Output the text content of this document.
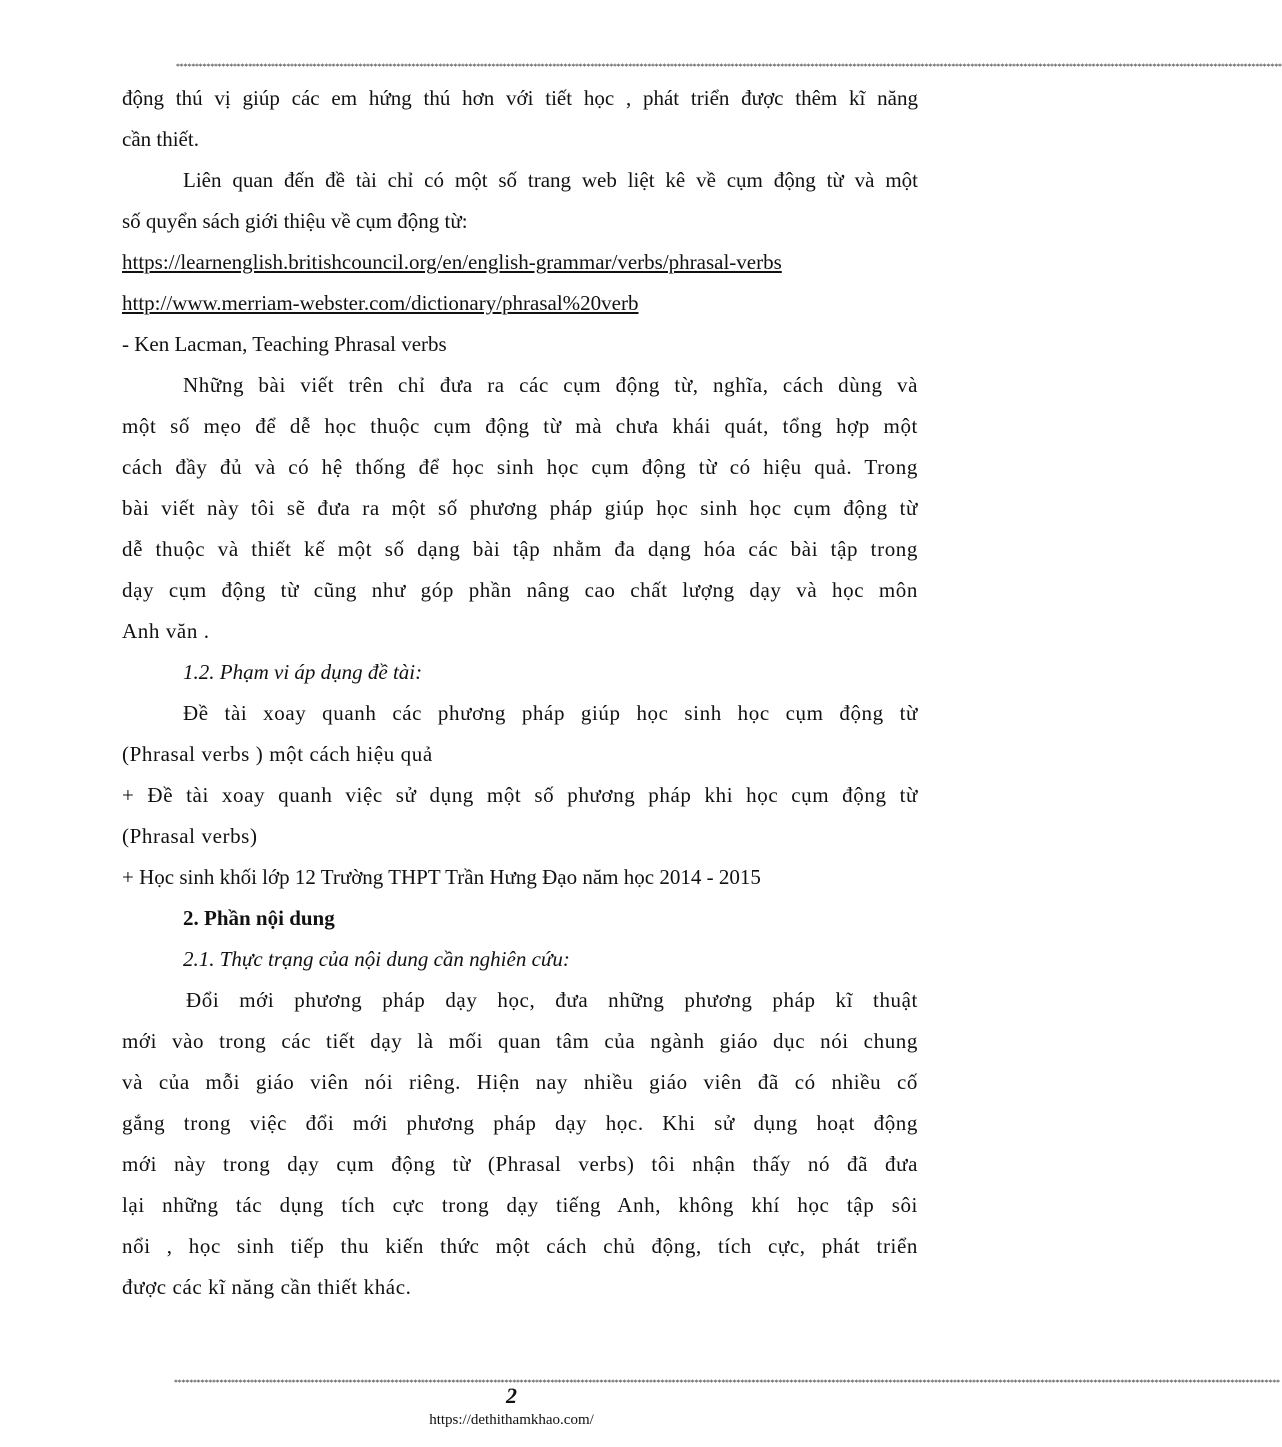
***************************************************************************************************************************************************************************************************************************************************************************************************
động thú vị giúp các em hứng thú hơn với tiết học , phát triển được thêm kĩ năng
cần thiết.
Liên quan đến đề tài chỉ có một số trang web liệt kê về cụm động từ và một
số quyển sách giới thiệu về cụm động từ:
https://learnenglish.britishcouncil.org/en/english-grammar/verbs/phrasal-verbs
http://www.merriam-webster.com/dictionary/phrasal%20verb
- Ken Lacman, Teaching Phrasal verbs
Những bài viết trên chỉ đưa ra các cụm động từ, nghĩa, cách dùng và
một số mẹo để dễ học thuộc cụm động từ mà chưa khái quát, tổng hợp một
cách đầy đủ và có hệ thống để học sinh học cụm động từ có hiệu quả. Trong
bài viết này tôi sẽ đưa ra một số phương pháp giúp học sinh học cụm động từ
dễ thuộc và thiết kế một số dạng bài tập nhằm đa dạng hóa các bài tập trong
dạy cụm động từ cũng như góp phần nâng cao chất lượng dạy và học môn
Anh văn .
1.2. Phạm vi áp dụng đề tài:
Đề tài xoay quanh các phương pháp giúp học sinh học cụm động từ
(Phrasal verbs ) một cách hiệu quả
+ Đề tài xoay quanh việc sử dụng một số phương pháp khi học cụm động từ
(Phrasal verbs)
+ Học sinh khối lớp 12 Trường THPT Trần Hưng Đạo năm học 2014 - 2015
2. Phần nội dung
2.1. Thực trạng của nội dung cần nghiên cứu:
Đổi mới phương pháp dạy học, đưa những phương pháp kĩ thuật
mới vào trong các tiết dạy là mối quan tâm của ngành giáo dục nói chung
và của mỗi giáo viên nói riêng. Hiện nay nhiều giáo viên đã có nhiều cố
gắng trong việc đổi mới phương pháp dạy học. Khi sử dụng hoạt động
mới này trong dạy cụm động từ (Phrasal verbs) tôi nhận thấy nó đã đưa
lại những tác dụng tích cực trong dạy tiếng Anh, không khí học tập sôi
nổi , học sinh tiếp thu kiến thức một cách chủ động, tích cực, phát triển
được các kĩ năng cần thiết khác.
***************************************************************************************************************************************************************************************************************************************************************************************************
2
https://dethithamkhao.com/
